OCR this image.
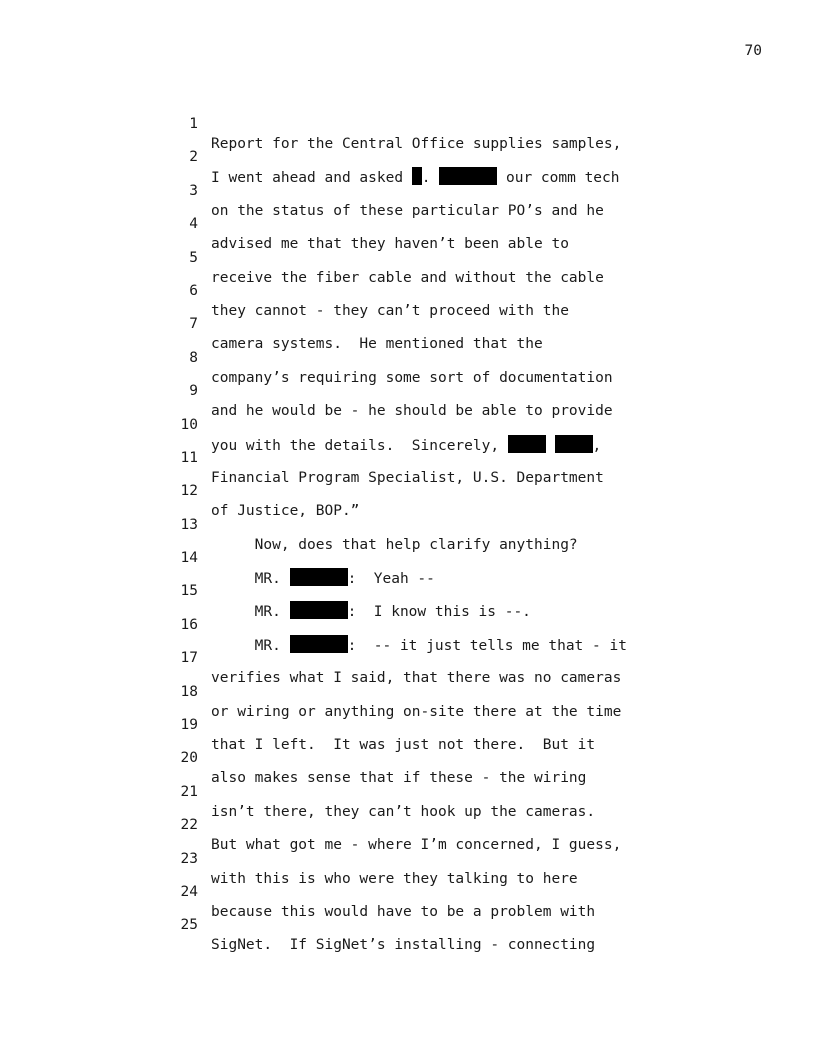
70

1

Report for the Central Office supplies samples,

2

I went ahead and asked .	our comm tech

3

on the status of these particular PO’s and he

4

advised me that they haven’t been able to

5

receive the fiber cable and without the cable

6

they cannot - they can’t proceed with the

7

camera systems.  He mentioned that the

8

company’s requiring some sort of documentation

9

and he would be - he should be able to provide

10

you with the details.  Sincerely,	,

11

Financial Program Specialist, U.S. Department

12

of Justice, BOP.”

13

Now, does that help clarify anything?

14

MR.	:  Yeah --

15

MR.	:  I know this is --.

16

MR.	:  -- it just tells me that - it

17

verifies what I said, that there was no cameras

18

or wiring or anything on-site there at the time

19

that I left.  It was just not there.  But it

20

also makes sense that if these - the wiring

21

isn’t there, they can’t hook up the cameras.

22

But what got me - where I’m concerned, I guess,

23

with this is who were they talking to here

24

because this would have to be a problem with

25

SigNet.  If SigNet’s installing - connecting
